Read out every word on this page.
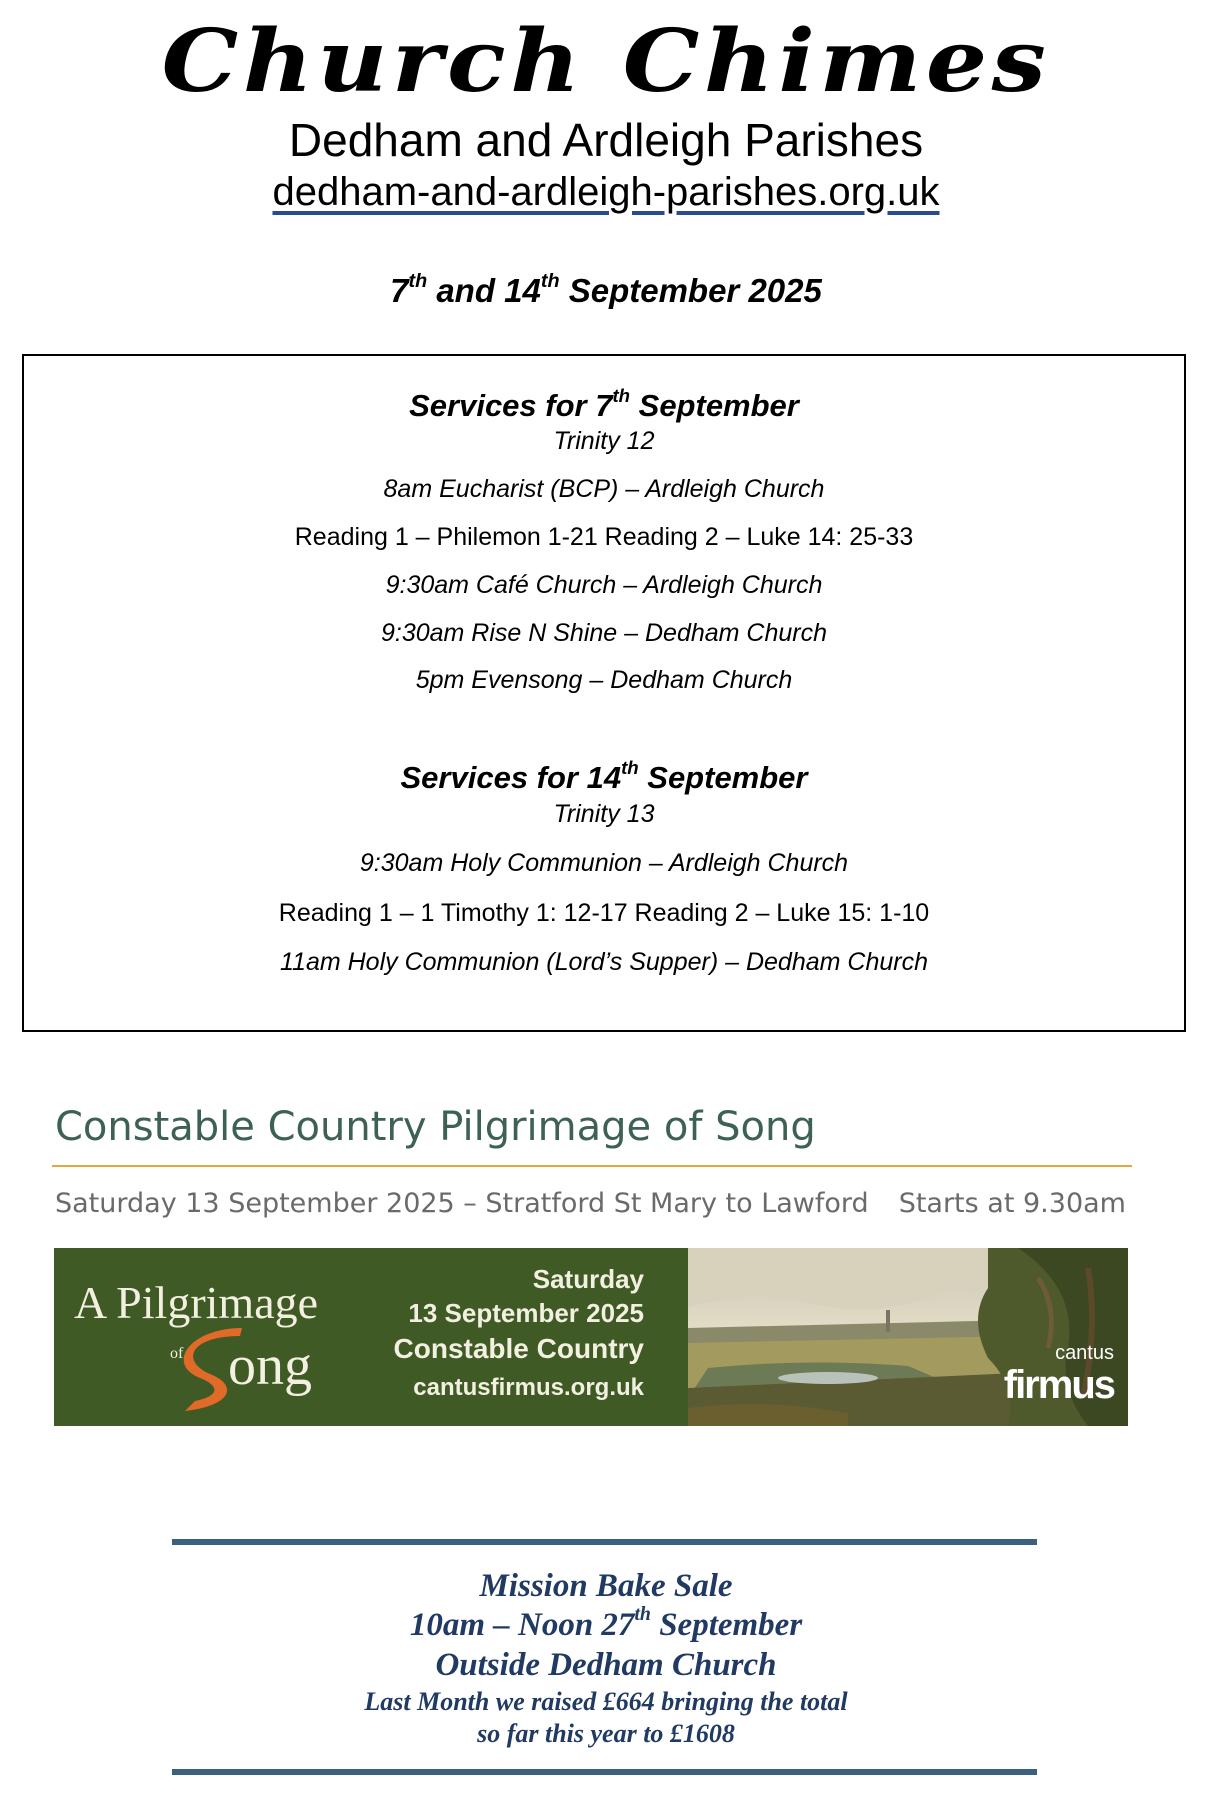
Church Chimes
Dedham and Ardleigh Parishes
dedham-and-ardleigh-parishes.org.uk
7th and 14th September 2025
Services for 7th September
Trinity 12
8am Eucharist (BCP) – Ardleigh Church
Reading 1 – Philemon 1-21 Reading 2 – Luke 14: 25-33
9:30am Café Church – Ardleigh Church
9:30am Rise N Shine – Dedham Church
5pm Evensong – Dedham Church
Services for 14th September
Trinity 13
9:30am Holy Communion – Ardleigh Church
Reading 1 – 1 Timothy 1: 12-17 Reading 2 – Luke 15: 1-10
11am Holy Communion (Lord’s Supper) – Dedham Church
Constable Country Pilgrimage of Song
Saturday 13 September 2025 – Stratford St Mary to Lawford Starts at 9.30am
A Pilgrimage
of ong
Saturday
13 September 2025
Constable Country
cantusfirmus.org.uk
cantus
firmus
Mission Bake Sale
10am – Noon 27th September
Outside Dedham Church
Last Month we raised £664 bringing the total
so far this year to £1608
